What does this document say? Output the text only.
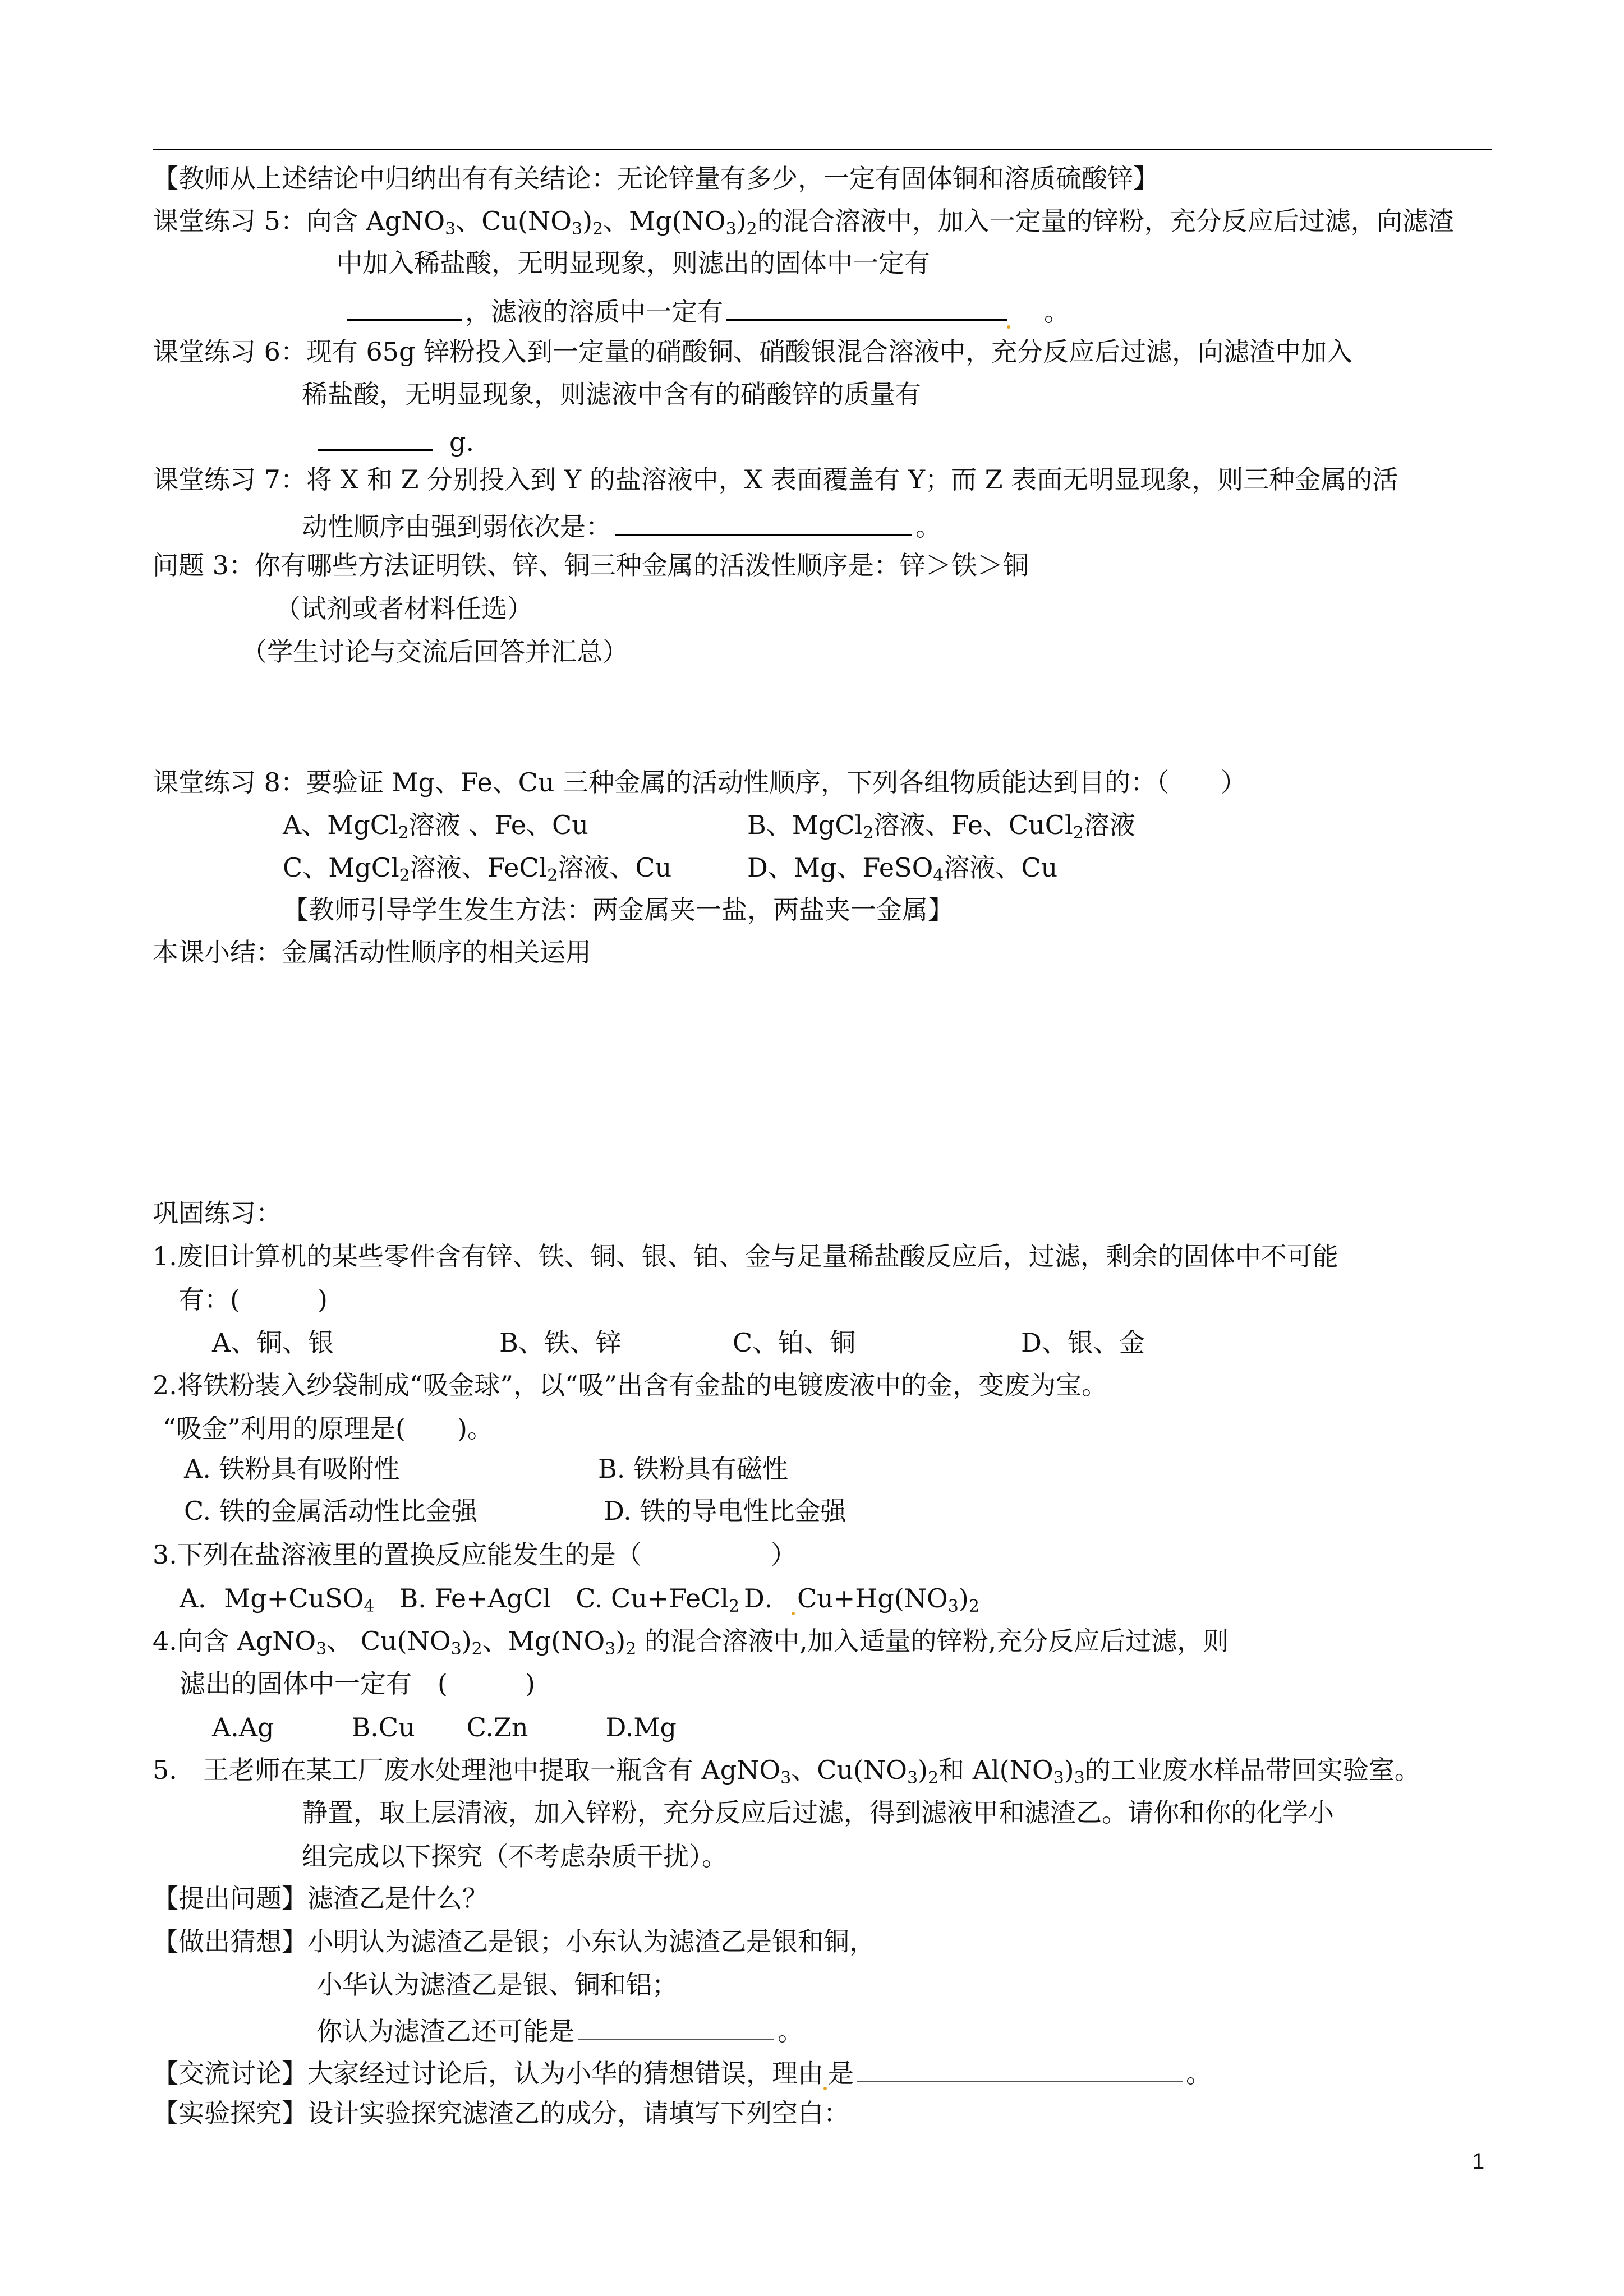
【教师从上述结论中归纳出有有关结论：无论锌量有多少，一定有固体铜和溶质硫酸锌】
课堂练习 5：向含 AgNO$_3$、$Cu(NO_3)_2$、$Mg(NO_3)_2$的混合溶液中，加入一定量的锌粉，充分反应后过滤，向滤渣
中加入稀盐酸，无明显现象，则滤出的固体中一定有
，滤液的溶质中一定有	。
课堂练习 6：现有 65g 锌粉投入到一定量的硝酸铜、硝酸银混合溶液中，充分反应后过滤，向滤渣中加入
稀盐酸，无明显现象，则滤液中含有的硝酸锌的质量有
g.
课堂练习 7：将 X 和 Z 分别投入到 Y 的盐溶液中，X 表面覆盖有 Y；而 Z 表面无明显现象，则三种金属的活
动性顺序由强到弱依次是：	。
问题 3：你有哪些方法证明铁、锌、铜三种金属的活泼性顺序是：锌＞铁＞铜
（试剂或者材料任选）
（学生讨论与交流后回答并汇总）
课堂练习 8：要验证 Mg、Fe、Cu 三种金属的活动性顺序，下列各组物质能达到目的：（　　）
A、MgCl$_2$溶液 、Fe、Cu	B、MgCl$_2$溶液、Fe、CuCl$_2$溶液
C、MgCl$_2$溶液、FeCl$_2$溶液、Cu	D、Mg、FeSO$_4$溶液、Cu
【教师引导学生发生方法：两金属夹一盐，两盐夹一金属】
本课小结：金属活动性顺序的相关运用
巩固练习：
1.废旧计算机的某些零件含有锌、铁、铜、银、铂、金与足量稀盐酸反应后，过滤，剩余的固体中不可能
有：(　　　)
A、铜、银	B、铁、锌	C、铂、铜	D、银、金
2.将铁粉装入纱袋制成“吸金球”，以“吸”出含有金盐的电镀废液中的金，变废为宝。
“吸金”利用的原理是(　　)。
A. 铁粉具有吸附性	B. 铁粉具有磁性
C. 铁的金属活动性比金强	D. 铁的导电性比金强
3.下列在盐溶液里的置换反应能发生的是（　　　　　）
A．Mg+CuSO$_4$ B. Fe+AgCl C. Cu+FeCl$_2$ D． $Cu+Hg(NO_3)_2$
4.向含 AgNO$_3$、 $Cu(NO_3)_2$、$Mg(NO_3)_2$ 的混合溶液中,加入适量的锌粉,充分反应后过滤，则
滤出的固体中一定有　(　　　)
A.Ag　　　B.Cu　　C.Zn　　　D.Mg
5.　王老师在某工厂废水处理池中提取一瓶含有 AgNO$_3$、$Cu(NO_3)_2$和 $Al(NO_3)_3$的工业废水样品带回实验室。
静置，取上层清液，加入锌粉，充分反应后过滤，得到滤液甲和滤渣乙。请你和你的化学小
组完成以下探究（不考虑杂质干扰）。
【提出问题】滤渣乙是什么？
【做出猜想】小明认为滤渣乙是银；小东认为滤渣乙是银和铜，
小华认为滤渣乙是银、铜和铝；
你认为滤渣乙还可能是	。
【交流讨论】大家经过讨论后，认为小华的猜想错误，理由 是	。
【实验探究】设计实验探究滤渣乙的成分，请填写下列空白：
1
